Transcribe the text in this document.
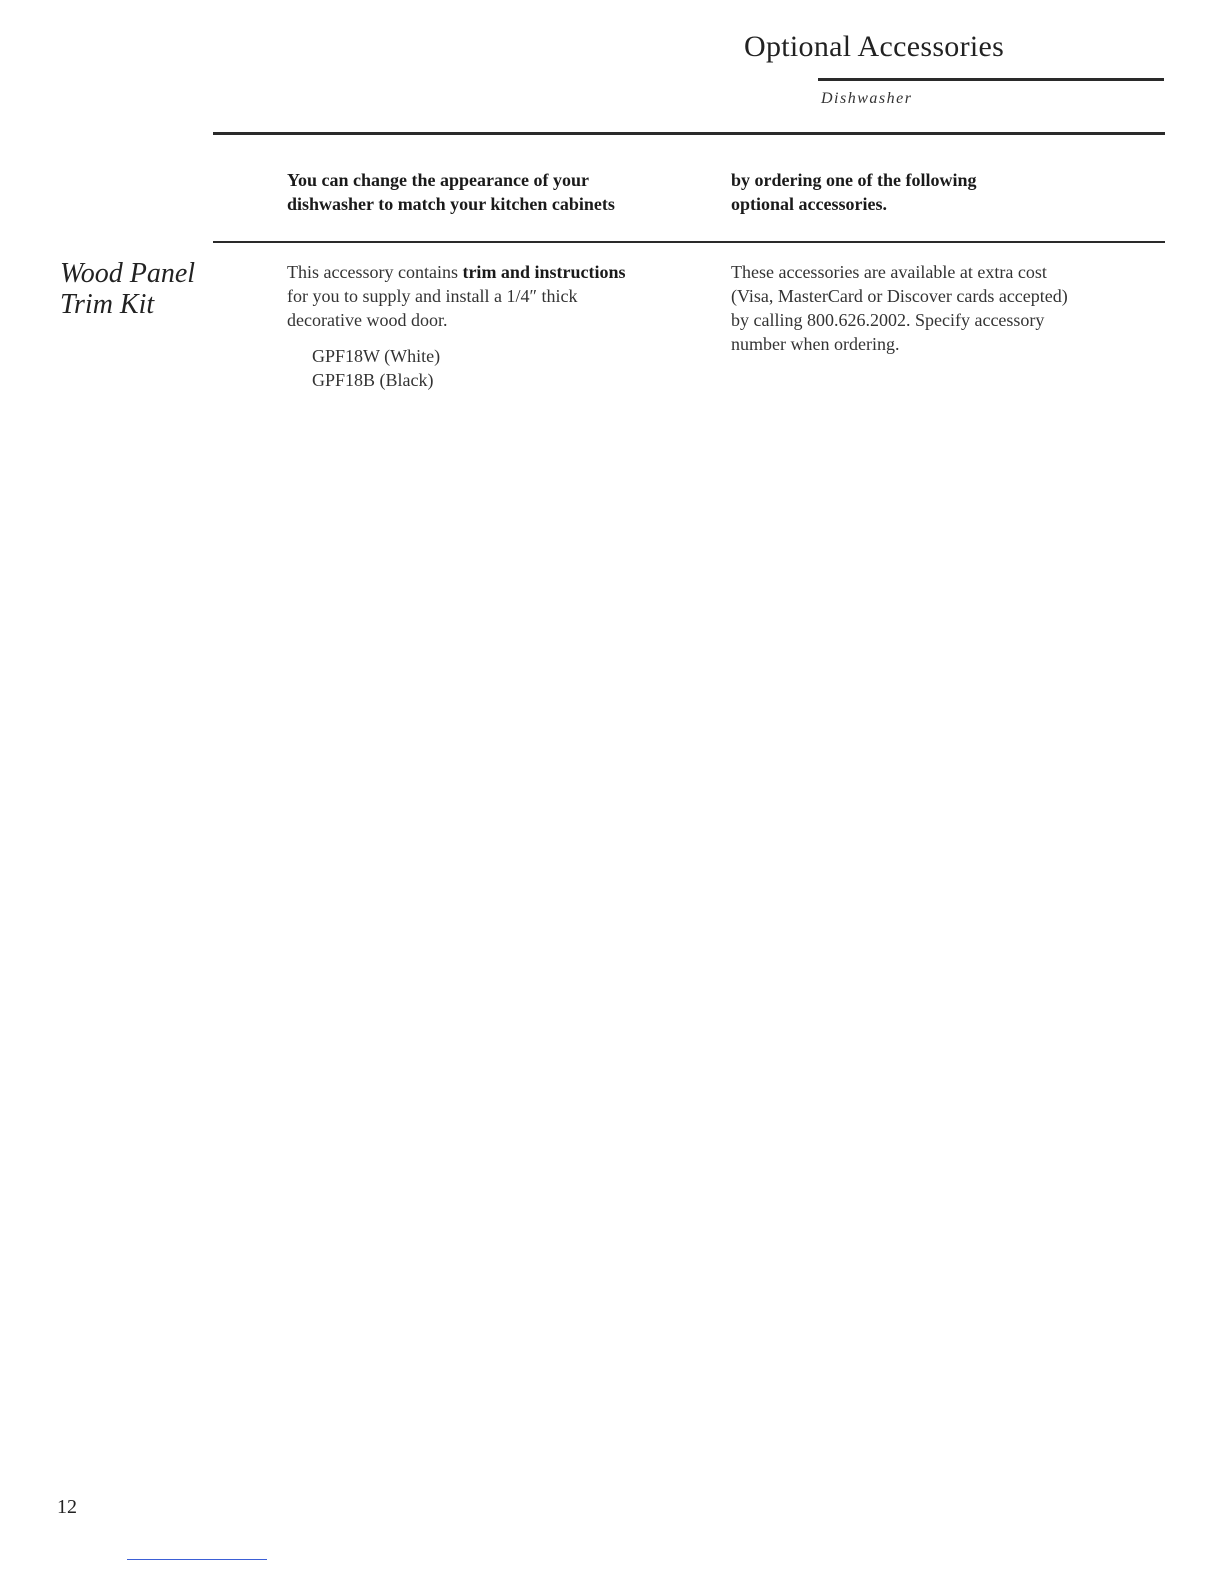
Optional Accessories
Dishwasher
You can change the appearance of your
dishwasher to match your kitchen cabinets
by ordering one of the following
optional accessories.
Wood Panel
Trim Kit
This accessory contains trim and instructions
for you to supply and install a 1/4″ thick
decorative wood door.
GPF18W (White)
GPF18B (Black)
These accessories are available at extra cost
(Visa, MasterCard or Discover cards accepted)
by calling 800.626.2002. Specify accessory
number when ordering.
12
